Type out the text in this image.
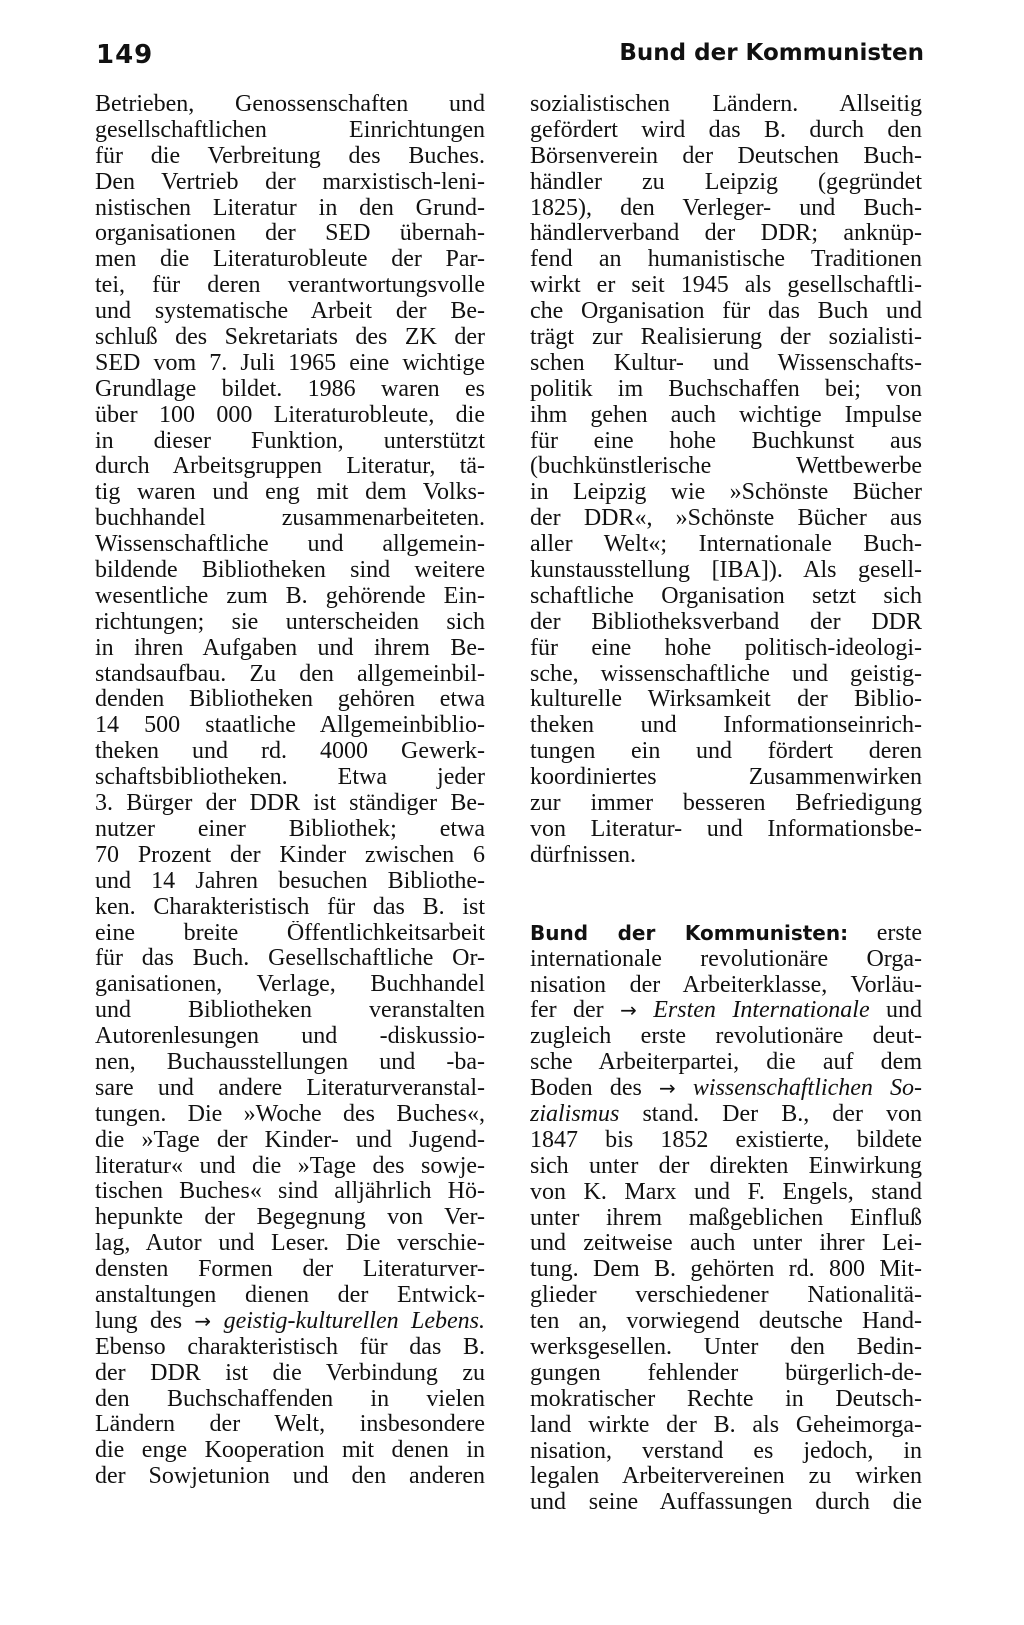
149	Bund der Kommunisten
Betrieben, Genossenschaften und
gesellschaftlichen Einrichtungen
für die Verbreitung des Buches.
Den Vertrieb der marxistisch-leni-
nistischen Literatur in den Grund-
organisationen der SED übernah-
men die Literaturobleute der Par-
tei, für deren verantwortungsvolle
und systematische Arbeit der Be-
schluß des Sekretariats des ZK der
SED vom 7. Juli 1965 eine wichtige
Grundlage bildet. 1986 waren es
über 100 000 Literaturobleute, die
in dieser Funktion, unterstützt
durch Arbeitsgruppen Literatur, tä-
tig waren und eng mit dem Volks-
buchhandel zusammenarbeiteten.
Wissenschaftliche und allgemein-
bildende Bibliotheken sind weitere
wesentliche zum B. gehörende Ein-
richtungen; sie unterscheiden sich
in ihren Aufgaben und ihrem Be-
standsaufbau. Zu den allgemeinbil-
denden Bibliotheken gehören etwa
14 500 staatliche Allgemeinbiblio-
theken und rd. 4000 Gewerk-
schaftsbibliotheken. Etwa jeder
3. Bürger der DDR ist ständiger Be-
nutzer einer Bibliothek; etwa
70 Prozent der Kinder zwischen 6
und 14 Jahren besuchen Bibliothe-
ken. Charakteristisch für das B. ist
eine breite Öffentlichkeitsarbeit
für das Buch. Gesellschaftliche Or-
ganisationen, Verlage, Buchhandel
und Bibliotheken veranstalten
Autorenlesungen und -diskussio-
nen, Buchausstellungen und -ba-
sare und andere Literaturveranstal-
tungen. Die »Woche des Buches«,
die »Tage der Kinder- und Jugend-
literatur« und die »Tage des sowje-
tischen Buches« sind alljährlich Hö-
hepunkte der Begegnung von Ver-
lag, Autor und Leser. Die verschie-
densten Formen der Literaturver-
anstaltungen dienen der Entwick-
lung des → geistig-kulturellen Lebens.
Ebenso charakteristisch für das B.
der DDR ist die Verbindung zu
den Buchschaffenden in vielen
Ländern der Welt, insbesondere
die enge Kooperation mit denen in
der Sowjetunion und den anderen
sozialistischen Ländern. Allseitig
gefördert wird das B. durch den
Börsenverein der Deutschen Buch-
händler zu Leipzig (gegründet
1825), den Verleger- und Buch-
händlerverband der DDR; anknüp-
fend an humanistische Traditionen
wirkt er seit 1945 als gesellschaftli-
che Organisation für das Buch und
trägt zur Realisierung der sozialisti-
schen Kultur- und Wissenschafts-
politik im Buchschaffen bei; von
ihm gehen auch wichtige Impulse
für eine hohe Buchkunst aus
(buchkünstlerische Wettbewerbe
in Leipzig wie »Schönste Bücher
der DDR«, »Schönste Bücher aus
aller Welt«; Internationale Buch-
kunstausstellung [IBA]). Als gesell-
schaftliche Organisation setzt sich
der Bibliotheksverband der DDR
für eine hohe politisch-ideologi-
sche, wissenschaftliche und geistig-
kulturelle Wirksamkeit der Biblio-
theken und Informationseinrich-
tungen ein und fördert deren
koordiniertes Zusammenwirken
zur immer besseren Befriedigung
von Literatur- und Informationsbe-
dürfnissen.
Bund der Kommunisten: erste
internationale revolutionäre Orga-
nisation der Arbeiterklasse, Vorläu-
fer der → Ersten Internationale und
zugleich erste revolutionäre deut-
sche Arbeiterpartei, die auf dem
Boden des → wissenschaftlichen So-
zialismus stand. Der B., der von
1847 bis 1852 existierte, bildete
sich unter der direkten Einwirkung
von K. Marx und F. Engels, stand
unter ihrem maßgeblichen Einfluß
und zeitweise auch unter ihrer Lei-
tung. Dem B. gehörten rd. 800 Mit-
glieder verschiedener Nationalitä-
ten an, vorwiegend deutsche Hand-
werksgesellen. Unter den Bedin-
gungen fehlender bürgerlich-de-
mokratischer Rechte in Deutsch-
land wirkte der B. als Geheimorga-
nisation, verstand es jedoch, in
legalen Arbeitervereinen zu wirken
und seine Auffassungen durch die
